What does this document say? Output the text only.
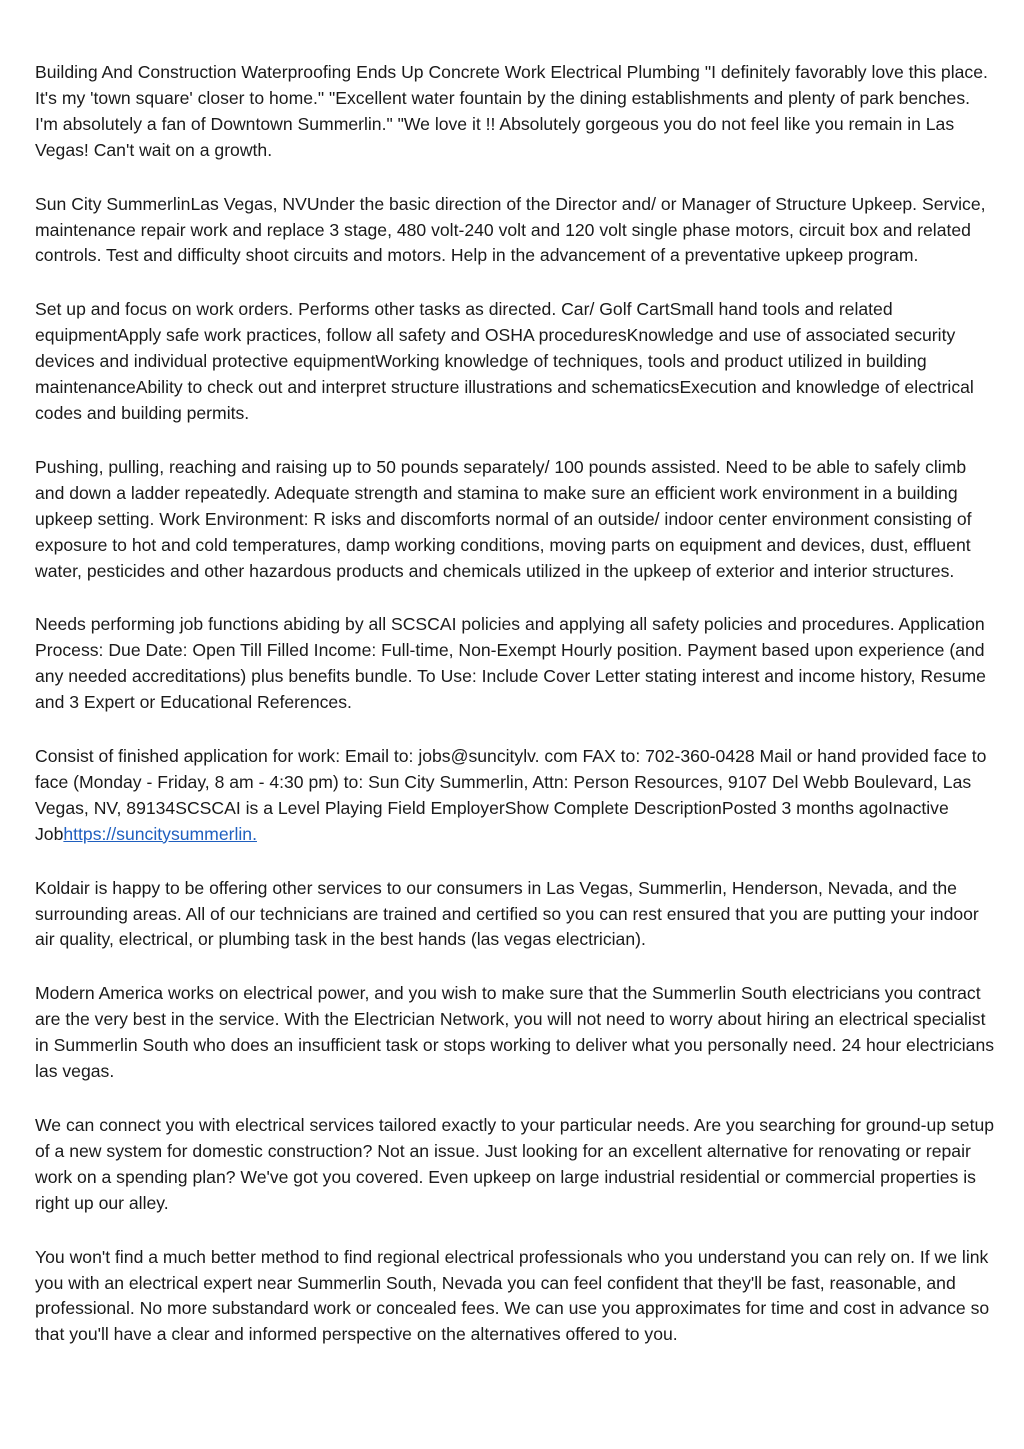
Building And Construction Waterproofing Ends Up Concrete Work Electrical Plumbing "I definitely favorably love this place. It's my 'town square' closer to home." "Excellent water fountain by the dining establishments and plenty of park benches. I'm absolutely a fan of Downtown Summerlin." "We love it !! Absolutely gorgeous you do not feel like you remain in Las Vegas! Can't wait on a growth.

Sun City SummerlinLas Vegas, NVUnder the basic direction of the Director and/ or Manager of Structure Upkeep. Service, maintenance repair work and replace 3 stage, 480 volt-240 volt and 120 volt single phase motors, circuit box and related controls. Test and difficulty shoot circuits and motors. Help in the advancement of a preventative upkeep program.

Set up and focus on work orders. Performs other tasks as directed. Car/ Golf CartSmall hand tools and related equipmentApply safe work practices, follow all safety and OSHA proceduresKnowledge and use of associated security devices and individual protective equipmentWorking knowledge of techniques, tools and product utilized in building maintenanceAbility to check out and interpret structure illustrations and schematicsExecution and knowledge of electrical codes and building permits.

Pushing, pulling, reaching and raising up to 50 pounds separately/ 100 pounds assisted. Need to be able to safely climb and down a ladder repeatedly. Adequate strength and stamina to make sure an efficient work environment in a building upkeep setting. Work Environment: R isks and discomforts normal of an outside/ indoor center environment consisting of exposure to hot and cold temperatures, damp working conditions, moving parts on equipment and devices, dust, effluent water, pesticides and other hazardous products and chemicals utilized in the upkeep of exterior and interior structures.

Needs performing job functions abiding by all SCSCAI policies and applying all safety policies and procedures. Application Process: Due Date: Open Till Filled Income: Full-time, Non-Exempt Hourly position. Payment based upon experience (and any needed accreditations) plus benefits bundle. To Use: Include Cover Letter stating interest and income history, Resume and 3 Expert or Educational References.

Consist of finished application for work: Email to: jobs@suncitylv. com FAX to: 702-360-0428 Mail or hand provided face to face (Monday - Friday, 8 am - 4:30 pm) to: Sun City Summerlin, Attn: Person Resources, 9107 Del Webb Boulevard, Las Vegas, NV, 89134SCSCAI is a Level Playing Field EmployerShow Complete DescriptionPosted 3 months agoInactive Jobhttps://suncitysummerlin.

Koldair is happy to be offering other services to our consumers in Las Vegas, Summerlin, Henderson, Nevada, and the surrounding areas. All of our technicians are trained and certified so you can rest ensured that you are putting your indoor air quality, electrical, or plumbing task in the best hands (las vegas electrician).

Modern America works on electrical power, and you wish to make sure that the Summerlin South electricians you contract are the very best in the service. With the Electrician Network, you will not need to worry about hiring an electrical specialist in Summerlin South who does an insufficient task or stops working to deliver what you personally need. 24 hour electricians las vegas.

We can connect you with electrical services tailored exactly to your particular needs. Are you searching for ground-up setup of a new system for domestic construction? Not an issue. Just looking for an excellent alternative for renovating or repair work on a spending plan? We've got you covered. Even upkeep on large industrial residential or commercial properties is right up our alley.

You won't find a much better method to find regional electrical professionals who you understand you can rely on. If we link you with an electrical expert near Summerlin South, Nevada you can feel confident that they'll be fast, reasonable, and professional. No more substandard work or concealed fees. We can use you approximates for time and cost in advance so that you'll have a clear and informed perspective on the alternatives offered to you.
